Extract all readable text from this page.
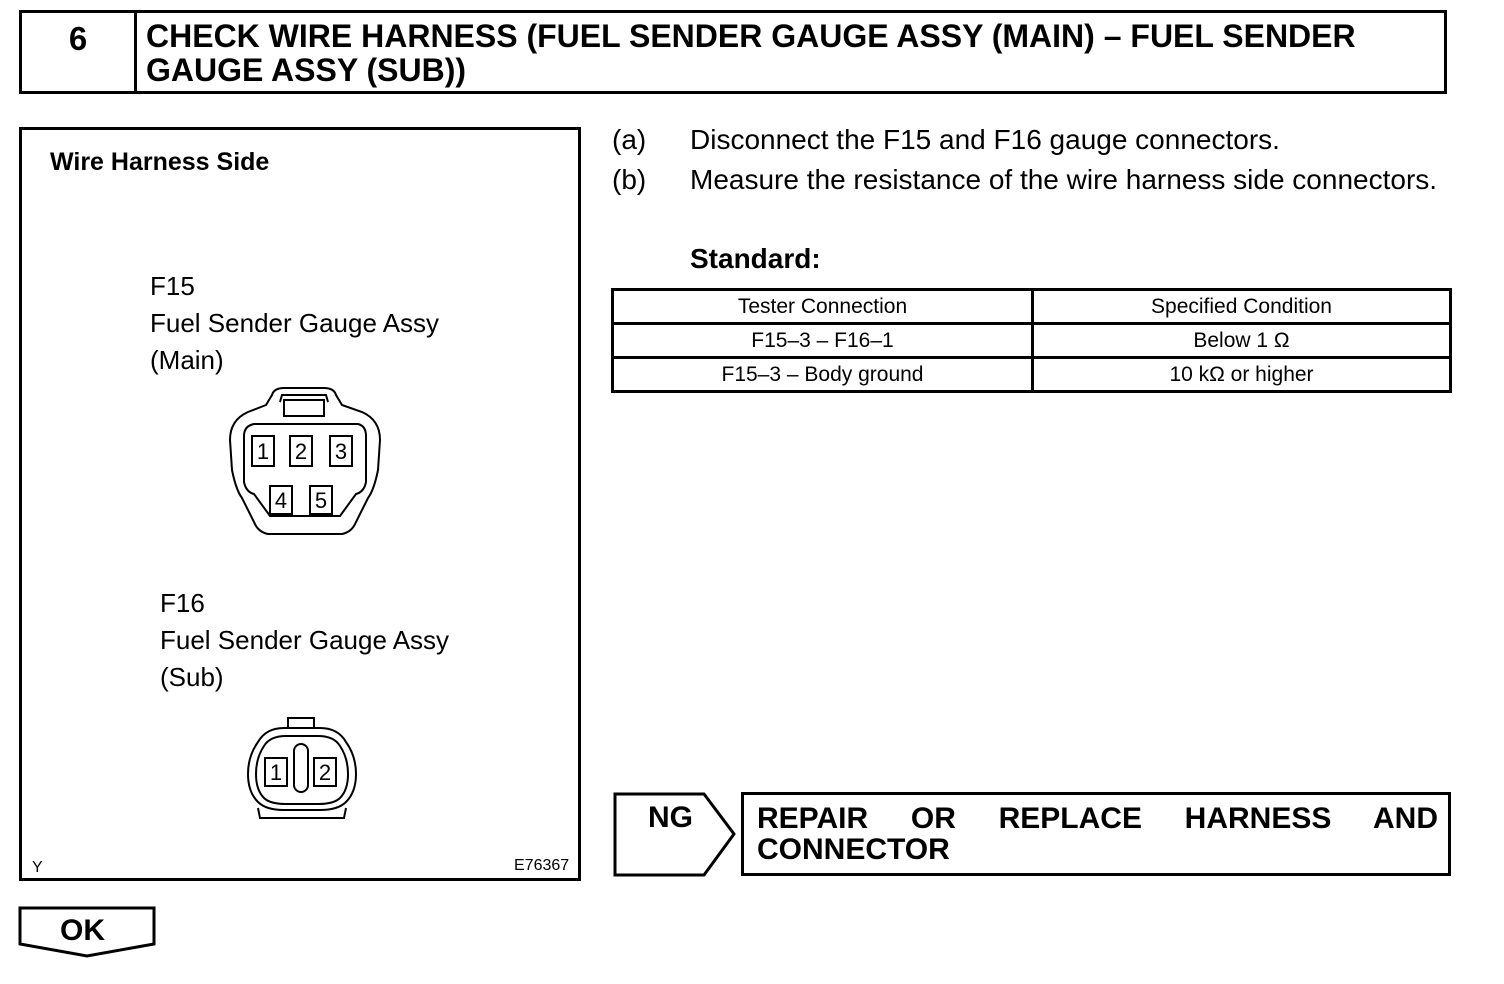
6	CHECK WIRE HARNESS (FUEL SENDER GAUGE ASSY (MAIN) – FUEL SENDER GAUGE ASSY (SUB))
Wire Harness Side
F15
Fuel Sender Gauge Assy
(Main)
F16
Fuel Sender Gauge Assy
(Sub)
1 2 3
4 5
1 2
Y	E76367
(a) Disconnect the F15 and F16 gauge connectors.
(b) Measure the resistance of the wire harness side connectors.
Standard:
Tester Connection	Specified Condition
F15–3 – F16–1	Below 1 Ω
F15–3 – Body ground	10 kΩ or higher
NG REPAIR OR REPLACE HARNESS AND CONNECTOR
OK
